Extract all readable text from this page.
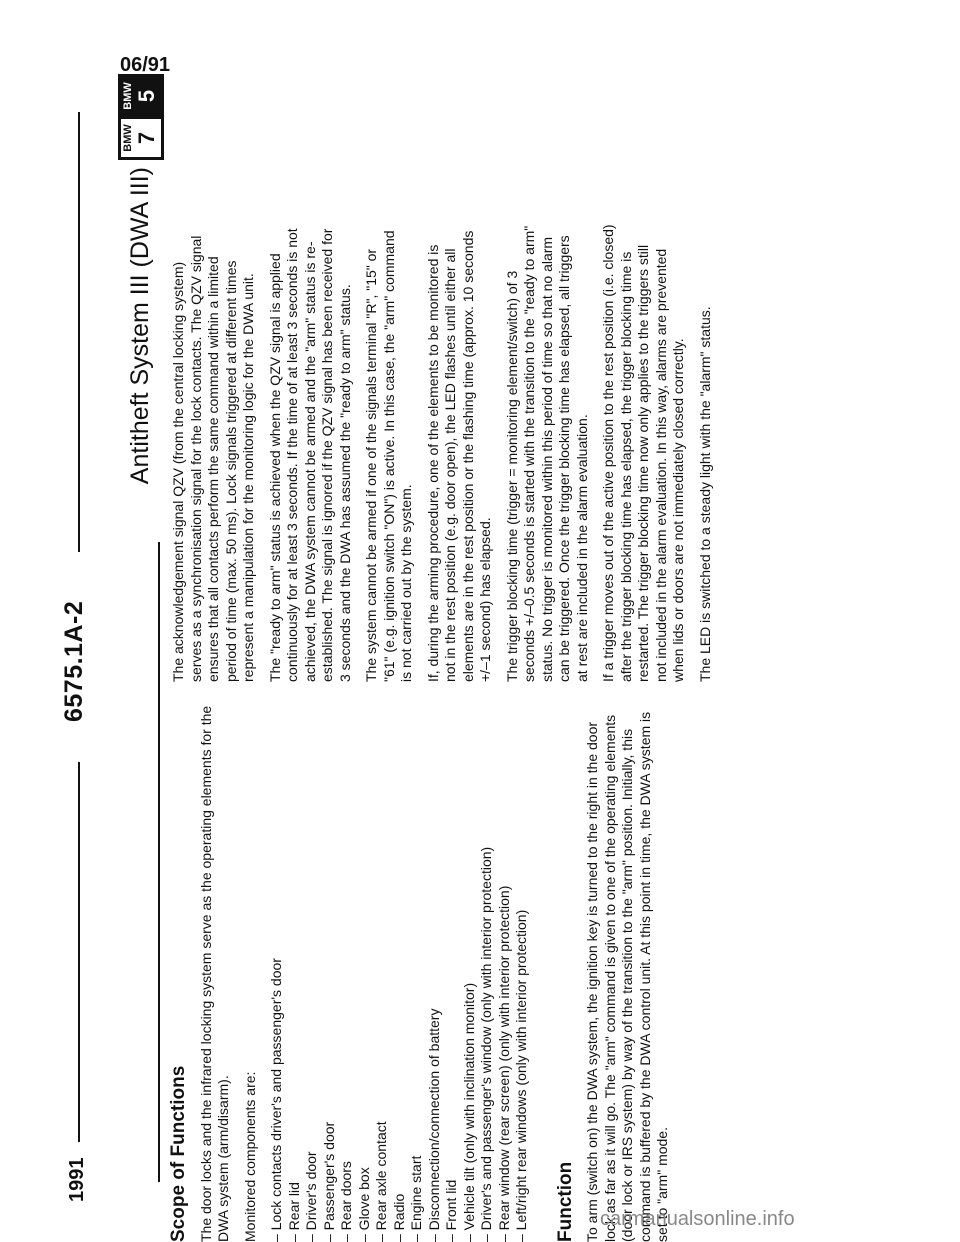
1991
6575.1A-2
BMW 5
BMW 7
Antitheft System III (DWA III)
Scope of Functions The door locks and the infrared locking system serve as the operating elements for the DWA system (arm/disarm). Monitored components are: – Lock contacts driver's and passenger's door – Rear lid – Driver's door – Passenger's door – Rear doors – Glove box – Rear axle contact – Radio – Engine start – Disconnection/connection of battery – Front lid – Vehicle tilt (only with inclination monitor) – Driver's and passenger's window (only with interior protection) – Rear window (rear screen) (only with interior protection) – Left/right rear windows (only with interior protection) Function To arm (switch on) the DWA system, the ignition key is turned to the right in the door lock as far as it will go. The "arm" command is given to one of the operating elements (door lock or IRS system) by way of the transition to the "arm" position. Initially, this command is buffered by the DWA control unit. At this point in time, the DWA system is set to "arm" mode.

The acknowledgement signal QZV (from the central locking system) serves as a synchronisation signal for the lock contacts. The QZV signal ensures that all contacts perform the same command within a limited period of time (max. 50 ms). Lock signals triggered at different times represent a manipulation for the monitoring logic for the DWA unit. The "ready to arm" status is achieved when the QZV signal is applied continuously for at least 3 seconds. If the time of at least 3 seconds is not achieved, the DWA system cannot be armed and the "arm" status is re-established. The signal is ignored if the QZV signal has been received for 3 seconds and the DWA has assumed the "ready to arm" status. The system cannot be armed if one of the signals terminal "R", "15" or "61" (e.g. ignition switch "ON") is active. In this case, the "arm" command is not carried out by the system. If, during the arming procedure, one of the elements to be monitored is not in the rest position (e.g. door open), the LED flashes until either all elements are in the rest position or the flashing time (approx. 10 seconds +/–1 second) has elapsed. The trigger blocking time (trigger = monitoring element/switch) of 3 seconds +/–0.5 seconds is started with the transition to the "ready to arm" status. No trigger is monitored within this period of time so that no alarm can be triggered. Once the trigger blocking time has elapsed, all triggers at rest are included in the alarm evaluation. If a trigger moves out of the active position to the rest position (i.e. closed) after the trigger blocking time has elapsed, the trigger blocking time is restarted. The trigger blocking time now only applies to the triggers still not included in the alarm evaluation. In this way, alarms are prevented when lids or doors are not immediately closed correctly. The LED is switched to a steady light with the "alarm" status.

06/91
carmanualsonline.info
